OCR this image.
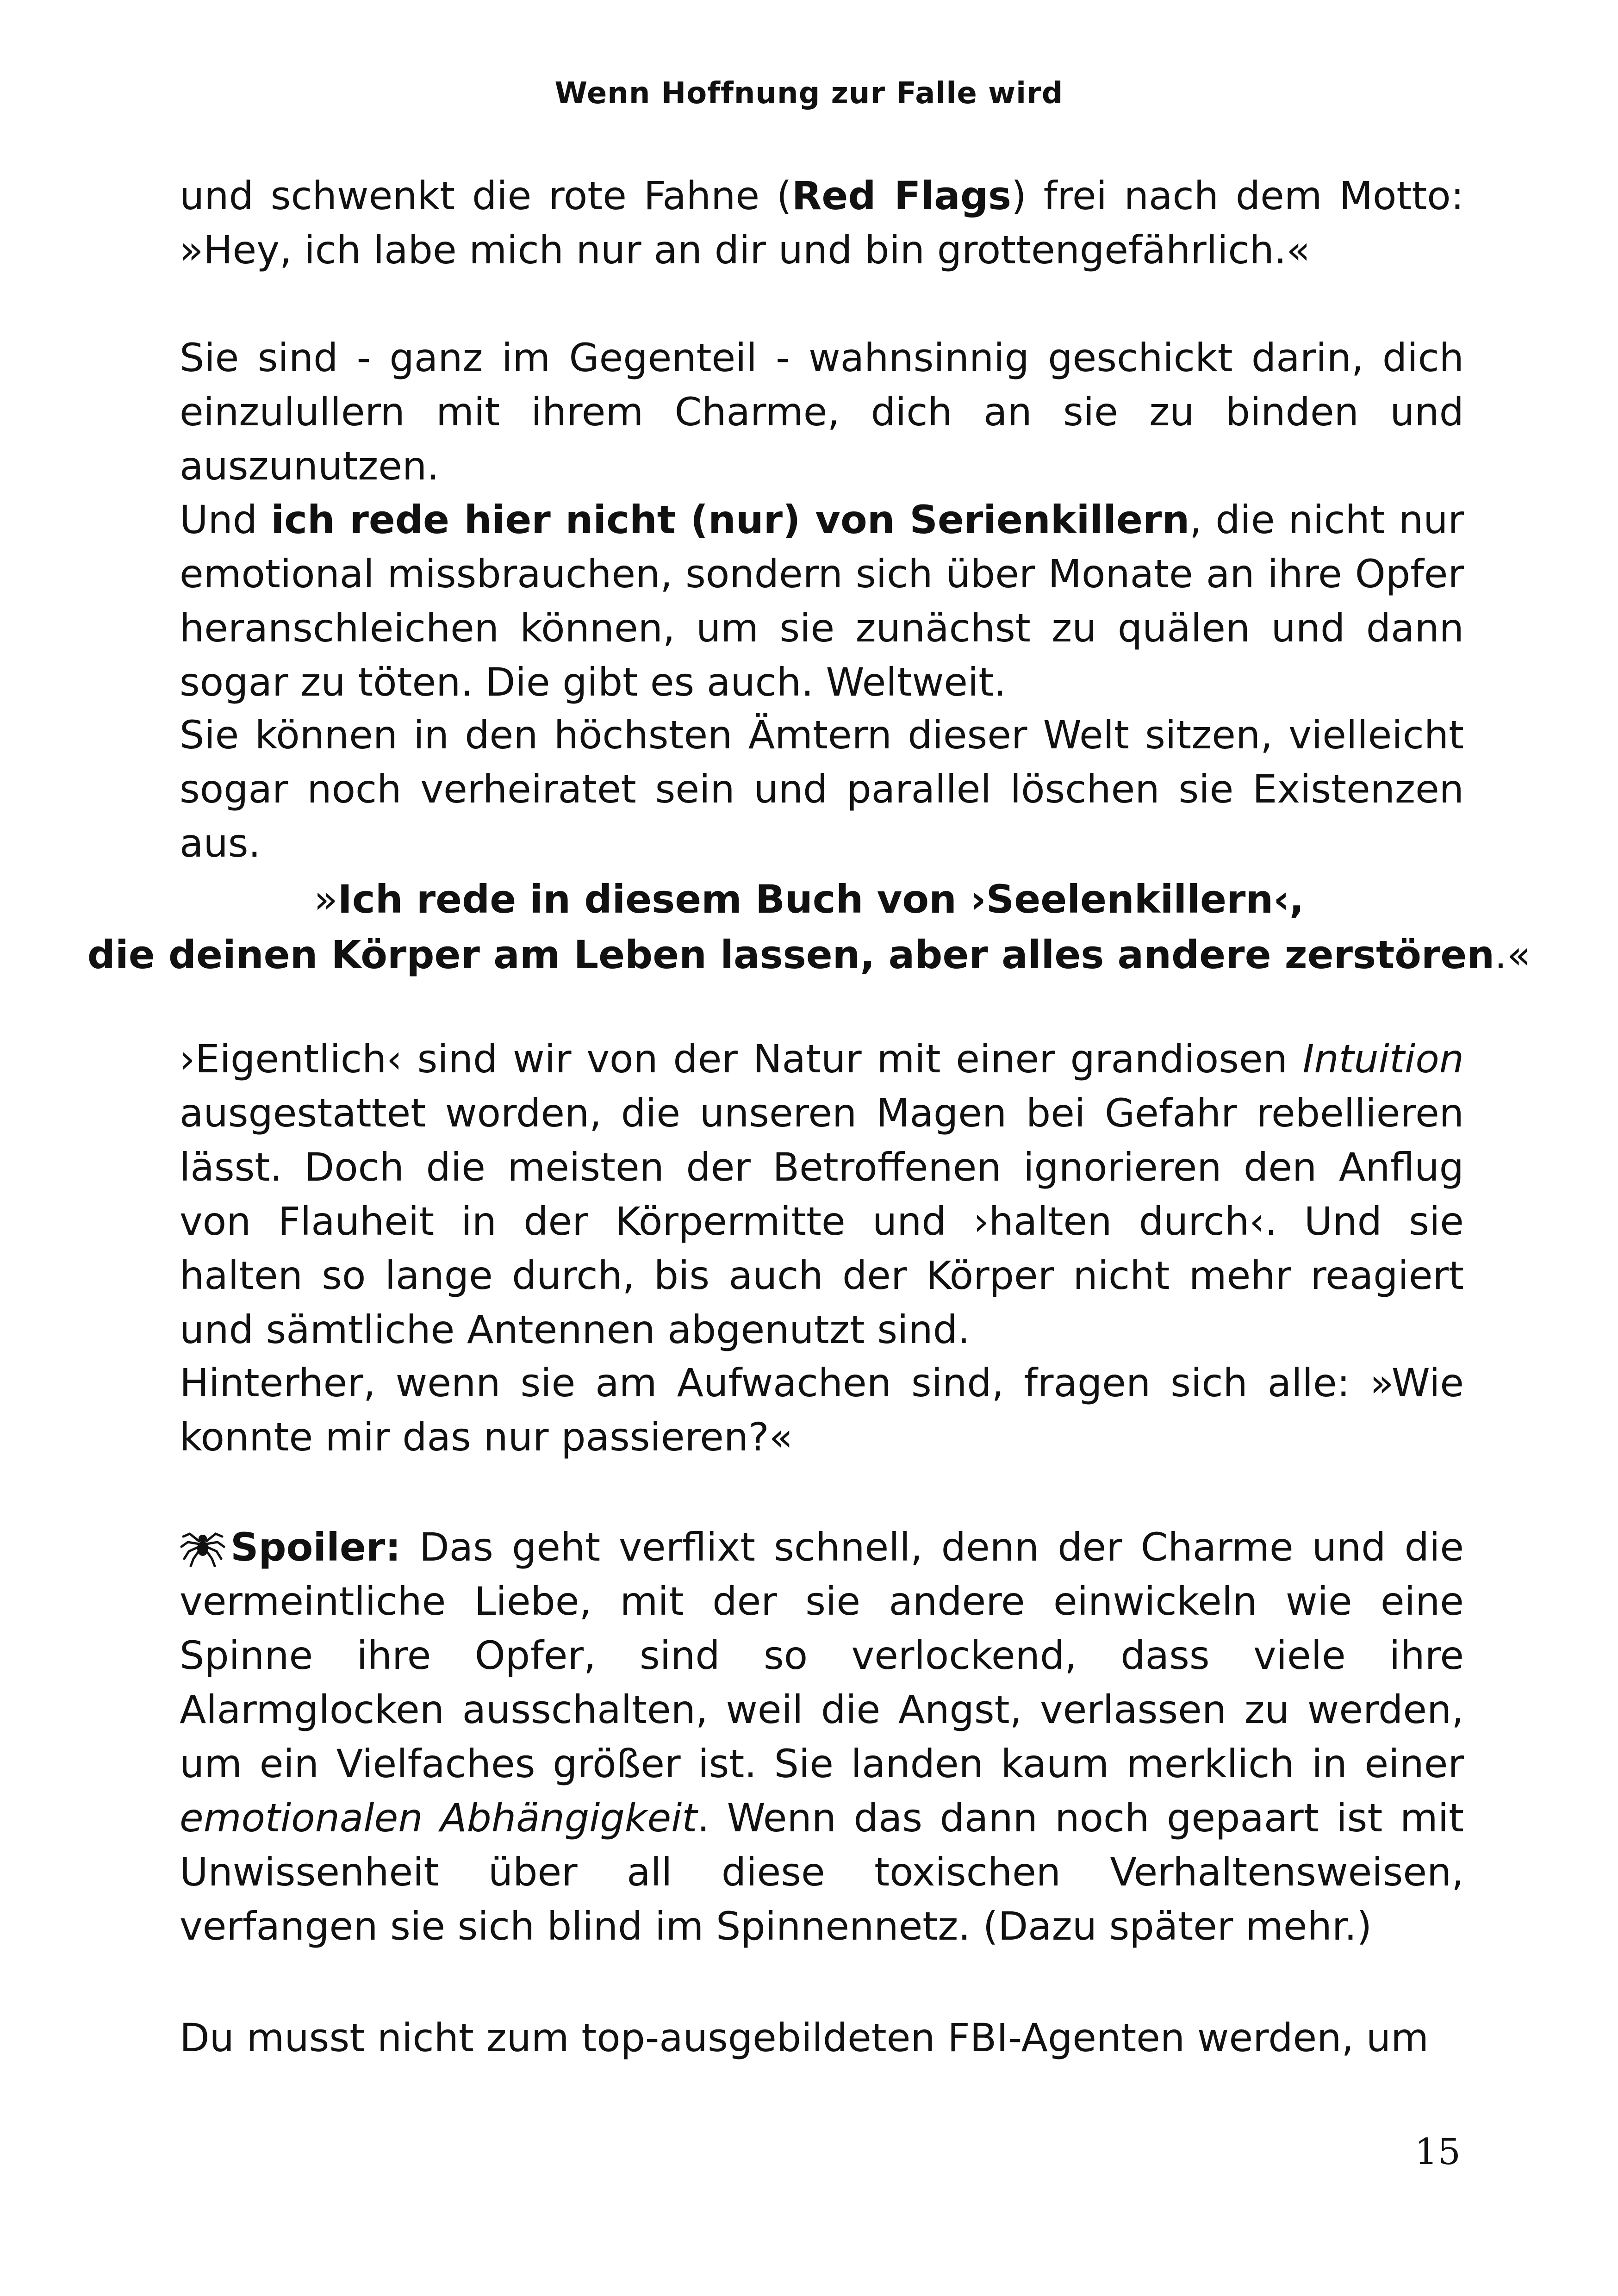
Wenn Hoffnung zur Falle wird
und schwenkt die rote Fahne (Red Flags) frei nach dem Motto: »Hey, ich labe mich nur an dir und bin grottengefährlich.«
Sie sind - ganz im Gegenteil - wahnsinnig geschickt darin, dich einzulullern mit ihrem Charme, dich an sie zu binden und auszunutzen.
Und ich rede hier nicht (nur) von Serienkillern, die nicht nur emotional missbrauchen, sondern sich über Monate an ihre Opfer heranschleichen können, um sie zunächst zu quälen und dann sogar zu töten. Die gibt es auch. Weltweit.
Sie können in den höchsten Ämtern dieser Welt sitzen, vielleicht sogar noch verheiratet sein und parallel löschen sie Existenzen aus.
»Ich rede in diesem Buch von ›Seelenkillern‹,
die deinen Körper am Leben lassen, aber alles andere zerstören.«
›Eigentlich‹ sind wir von der Natur mit einer grandiosen Intuition ausgestattet worden, die unseren Magen bei Gefahr rebellieren lässt. Doch die meisten der Betroffenen ignorieren den Anflug von Flauheit in der Körpermitte und ›halten durch‹. Und sie halten so lange durch, bis auch der Körper nicht mehr reagiert und sämtliche Antennen abgenutzt sind.
Hinterher, wenn sie am Aufwachen sind, fragen sich alle: »Wie konnte mir das nur passieren?«
Spoiler: Das geht verflixt schnell, denn der Charme und die vermeintliche Liebe, mit der sie andere einwickeln wie eine Spinne ihre Opfer, sind so verlockend, dass viele ihre Alarmglocken ausschalten, weil die Angst, verlassen zu werden, um ein Vielfaches größer ist. Sie landen kaum merklich in einer emotionalen Abhängigkeit. Wenn das dann noch gepaart ist mit Unwissenheit über all diese toxischen Verhaltensweisen, verfangen sie sich blind im Spinnennetz. (Dazu später mehr.)
Du musst nicht zum top-ausgebildeten FBI-Agenten werden, um
15
